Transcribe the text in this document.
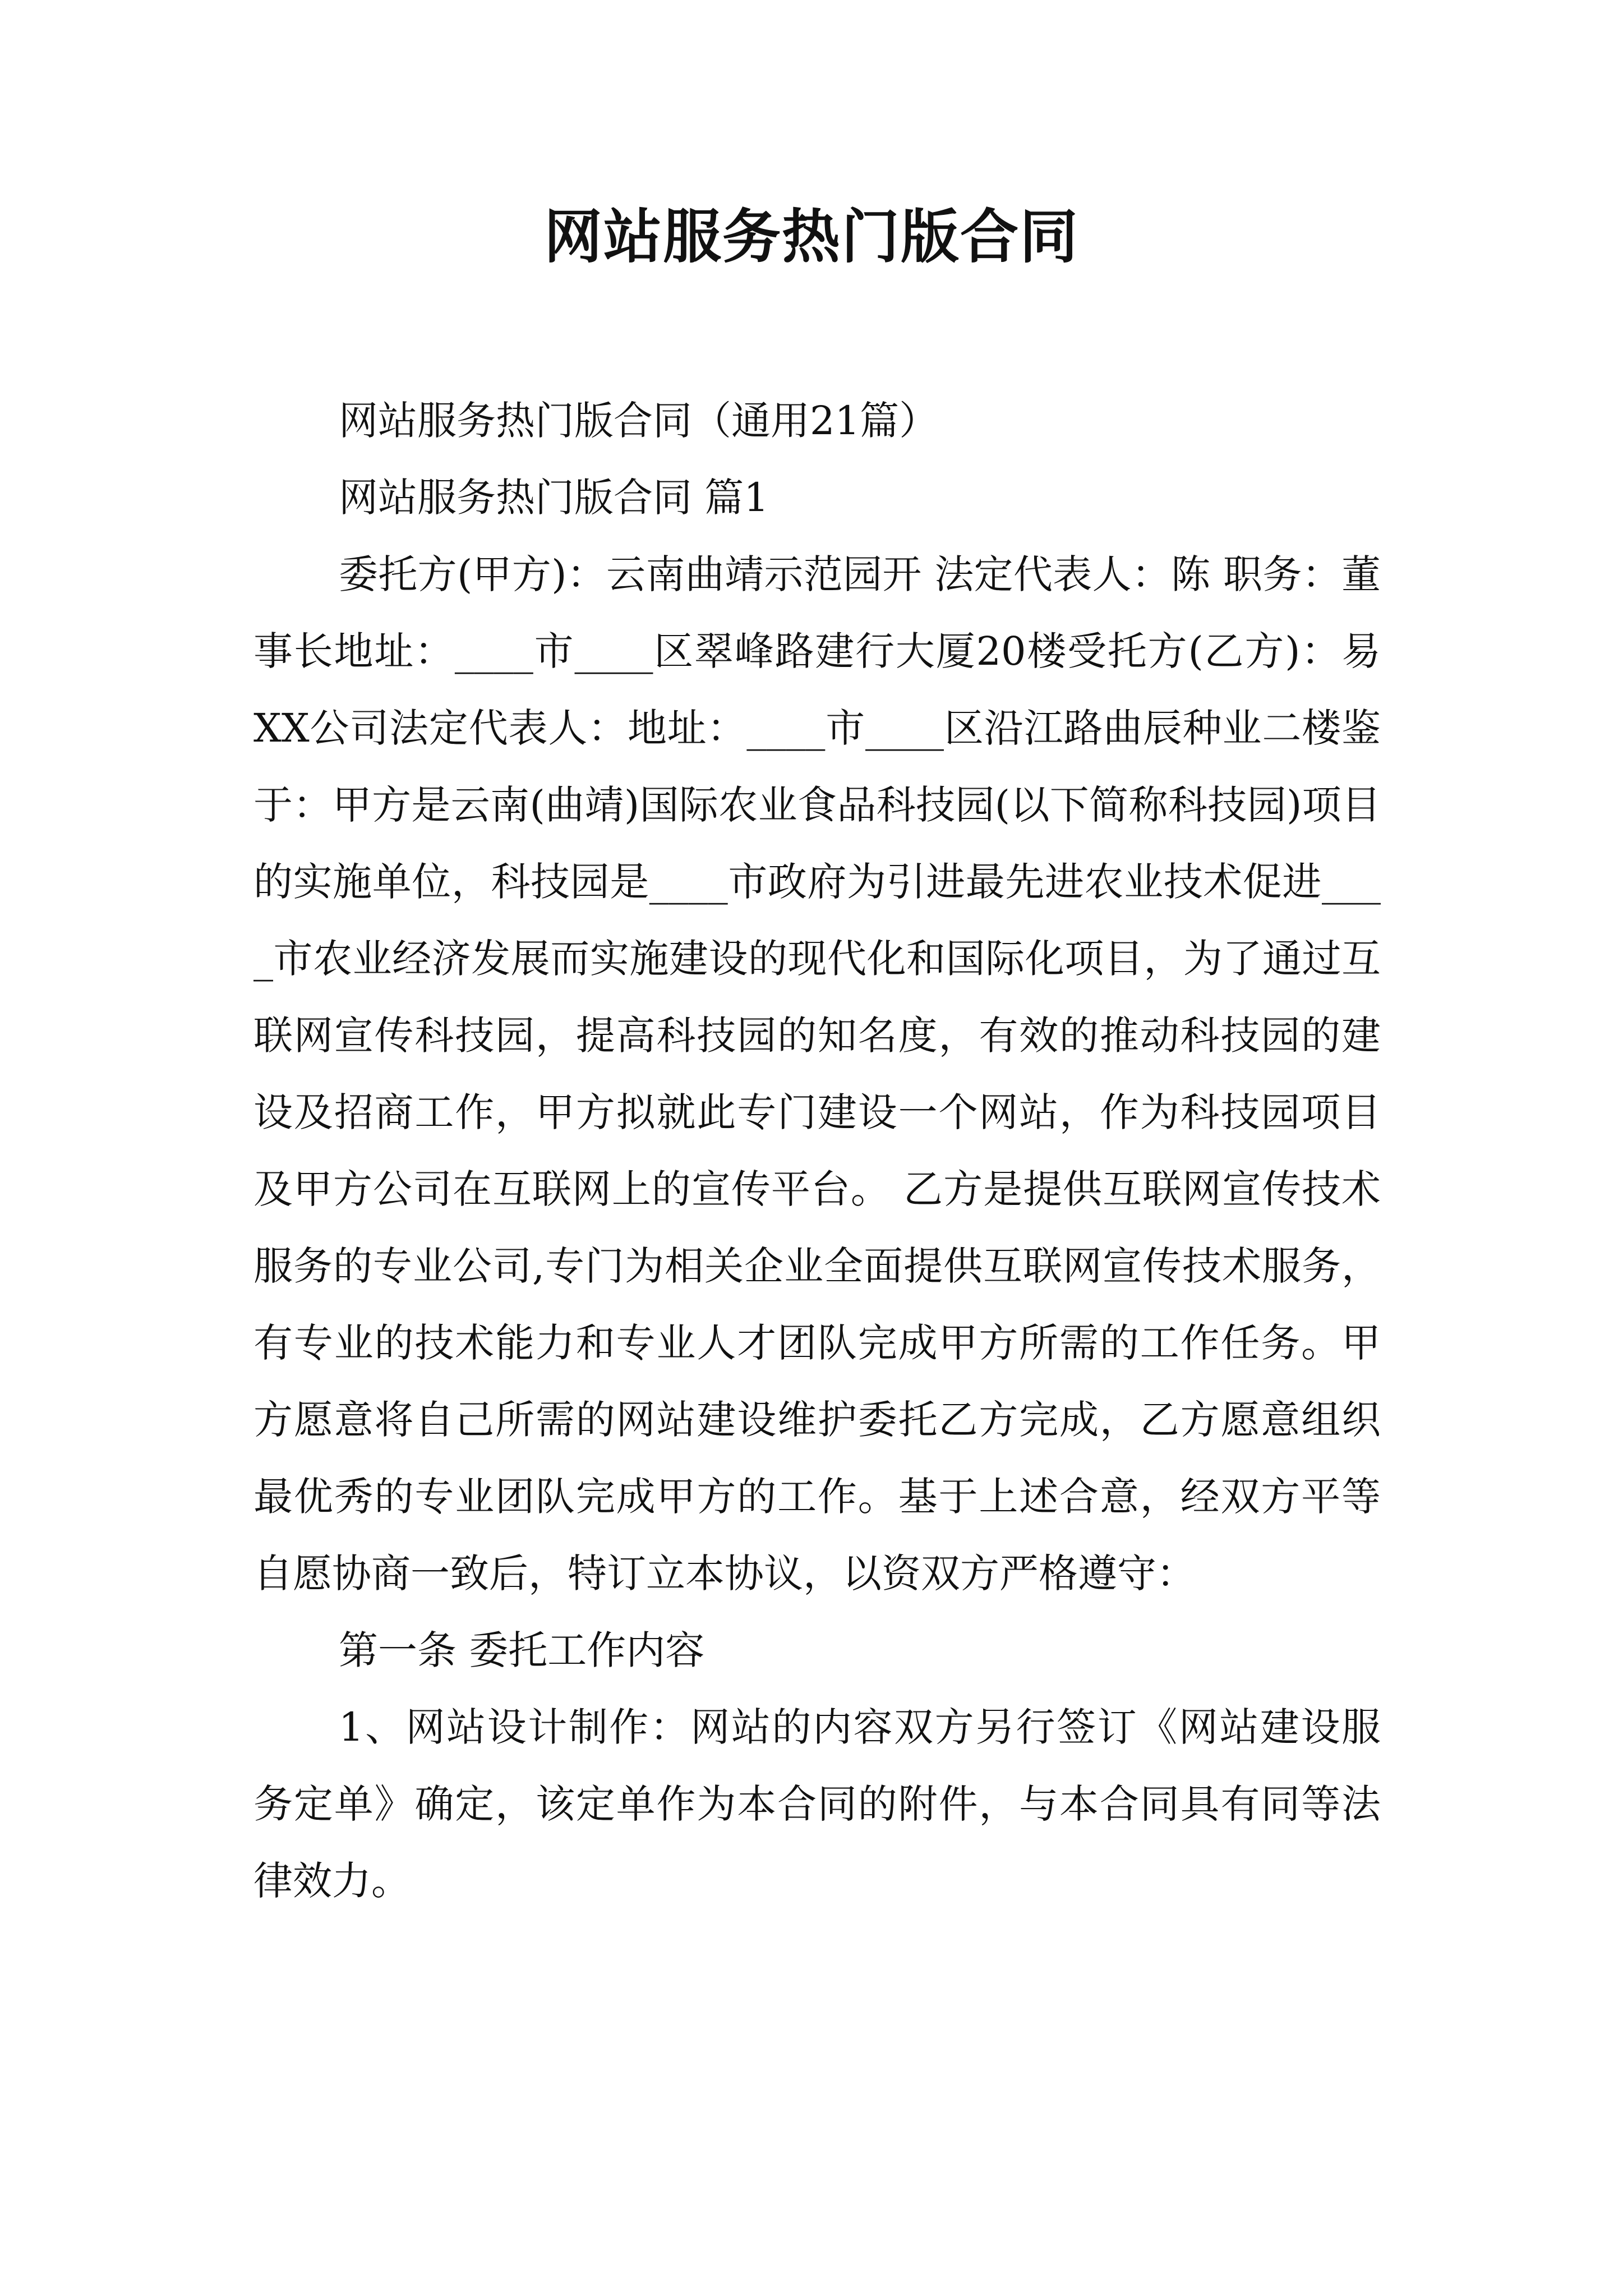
网站服务热门版合同

网站服务热门版合同（通用21篇）

网站服务热门版合同 篇1

委托方(甲方)：云南曲靖示范园开 法定代表人：陈 职务：董事长地址：____市____区翠峰路建行大厦20楼受托方(乙方)：易XX公司法定代表人：地址：____市____区沿江路曲辰种业二楼鉴于：甲方是云南(曲靖)国际农业食品科技园(以下简称科技园)项目的实施单位，科技园是____市政府为引进最先进农业技术促进____市农业经济发展而实施建设的现代化和国际化项目，为了通过互联网宣传科技园，提高科技园的知名度，有效的推动科技园的建设及招商工作，甲方拟就此专门建设一个网站，作为科技园项目及甲方公司在互联网上的宣传平台。 乙方是提供互联网宣传技术服务的专业公司,专门为相关企业全面提供互联网宣传技术服务，有专业的技术能力和专业人才团队完成甲方所需的工作任务。甲方愿意将自己所需的网站建设维护委托乙方完成，乙方愿意组织最优秀的专业团队完成甲方的工作。基于上述合意，经双方平等自愿协商一致后，特订立本协议，以资双方严格遵守：

第一条 委托工作内容

1、网站设计制作：网站的内容双方另行签订《网站建设服务定单》确定，该定单作为本合同的附件，与本合同具有同等法律效力。
